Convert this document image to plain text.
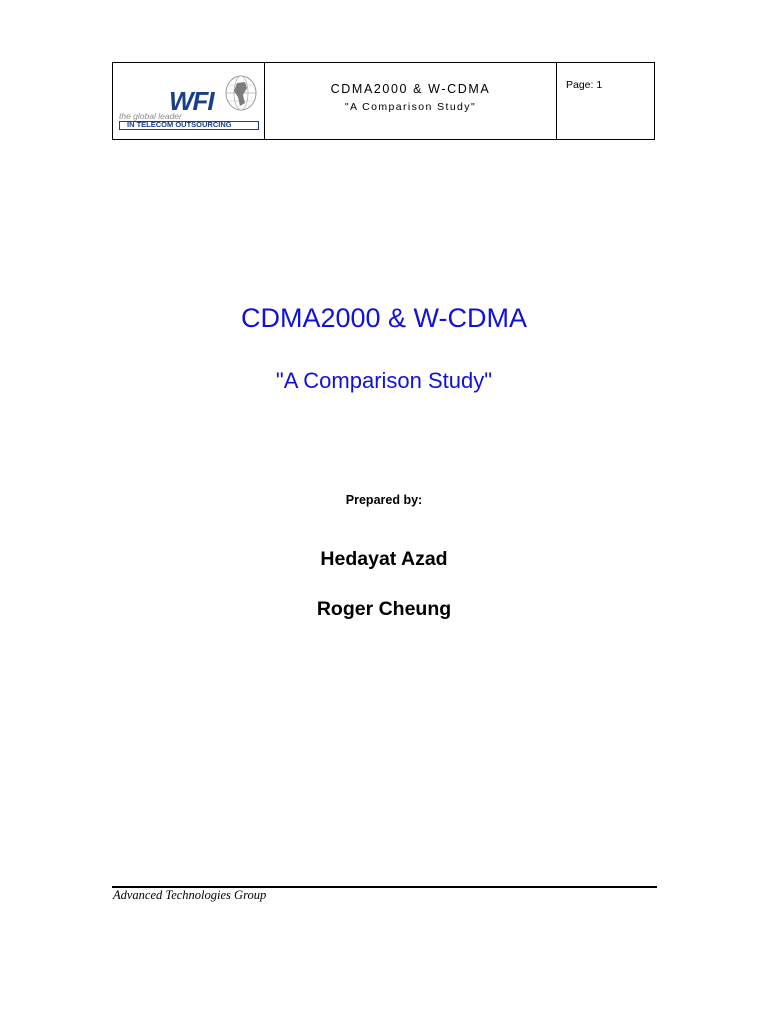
WFI
the global leader
IN TELECOM OUTSOURCING
CDMA2000 & W-CDMA
"A Comparison Study"
Page: 1
CDMA2000 & W-CDMA
"A Comparison Study"
Prepared by:
Hedayat Azad
Roger Cheung
Advanced Technologies Group
